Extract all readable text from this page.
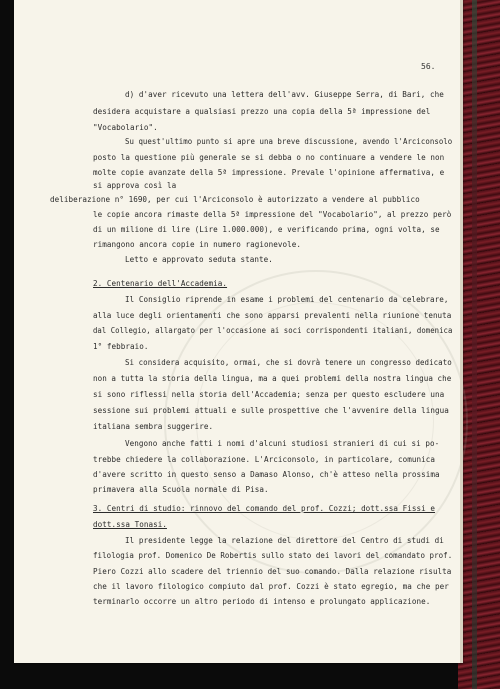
56.
d) d'aver ricevuto una lettera dell'avv. Giuseppe Serra, di Bari, che
desidera acquistare a qualsiasi prezzo una copia della 5ª impressione del
"Vocabolario".
Su quest'ultimo punto si apre una breve discussione, avendo l'Arciconsolo
posto la questione più generale se si debba o no continuare a vendere le non
molte copie avanzate della 5ª impressione. Prevale l'opinione affermativa, e
si approva così la
deliberazione n° 1690, per cui l'Arciconsolo è autorizzato a vendere al pubblico
le copie ancora rimaste della 5ª impressione del "Vocabolario", al prezzo però
di un milione di lire (Lire 1.000.000), e verificando prima, ogni volta, se
rimangono ancora copie in numero ragionevole.
Letto e approvato seduta stante.
2. Centenario dell'Accademia.
Il Consiglio riprende in esame i problemi del centenario da celebrare,
alla luce degli orientamenti che sono apparsi prevalenti nella riunione tenuta
dal Collegio, allargato per l'occasione ai soci corrispondenti italiani, domenica
1° febbraio.
Si considera acquisito, ormai, che si dovrà tenere un congresso dedicato
non a tutta la storia della lingua, ma a quei problemi della nostra lingua che
si sono riflessi nella storia dell'Accademia; senza per questo escludere una
sessione sui problemi attuali e sulle prospettive che l'avvenire della lingua
italiana sembra suggerire.
Vengono anche fatti i nomi d'alcuni studiosi stranieri di cui si po-
trebbe chiedere la collaborazione. L'Arciconsolo, in particolare, comunica
d'avere scritto in questo senso a Damaso Alonso, ch'è atteso nella prossima
primavera alla Scuola normale di Pisa.
3. Centri di studio: rinnovo del comando del prof. Cozzi; dott.ssa Fissi e
dott.ssa Tonasi.
Il presidente legge la relazione del direttore del Centro di studi di
filologia prof. Domenico De Robertis sullo stato dei lavori del comandato prof.
Piero Cozzi allo scadere del triennio del suo comando. Dalla relazione risulta
che il lavoro filologico compiuto dal prof. Cozzi è stato egregio, ma che per
terminarlo occorre un altro periodo di intenso e prolungato applicazione.
